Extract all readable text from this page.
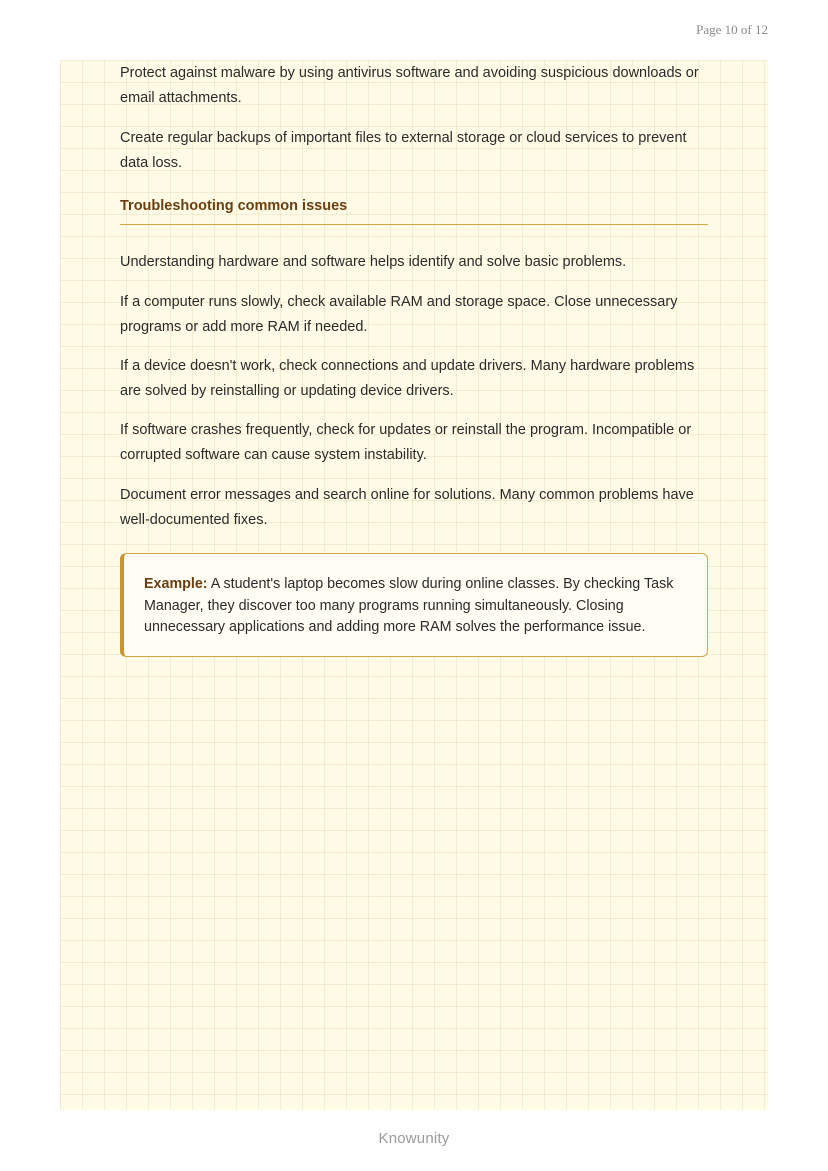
Page 10 of 12

Protect against malware by using antivirus software and avoiding suspicious downloads or email attachments.

Create regular backups of important files to external storage or cloud services to prevent data loss.

Troubleshooting common issues

Understanding hardware and software helps identify and solve basic problems.

If a computer runs slowly, check available RAM and storage space. Close unnecessary programs or add more RAM if needed.

If a device doesn't work, check connections and update drivers. Many hardware problems are solved by reinstalling or updating device drivers.

If software crashes frequently, check for updates or reinstall the program. Incompatible or corrupted software can cause system instability.

Document error messages and search online for solutions. Many common problems have well-documented fixes.

Example: A student's laptop becomes slow during online classes. By checking Task Manager, they discover too many programs running simultaneously. Closing unnecessary applications and adding more RAM solves the performance issue.

Knowunity
